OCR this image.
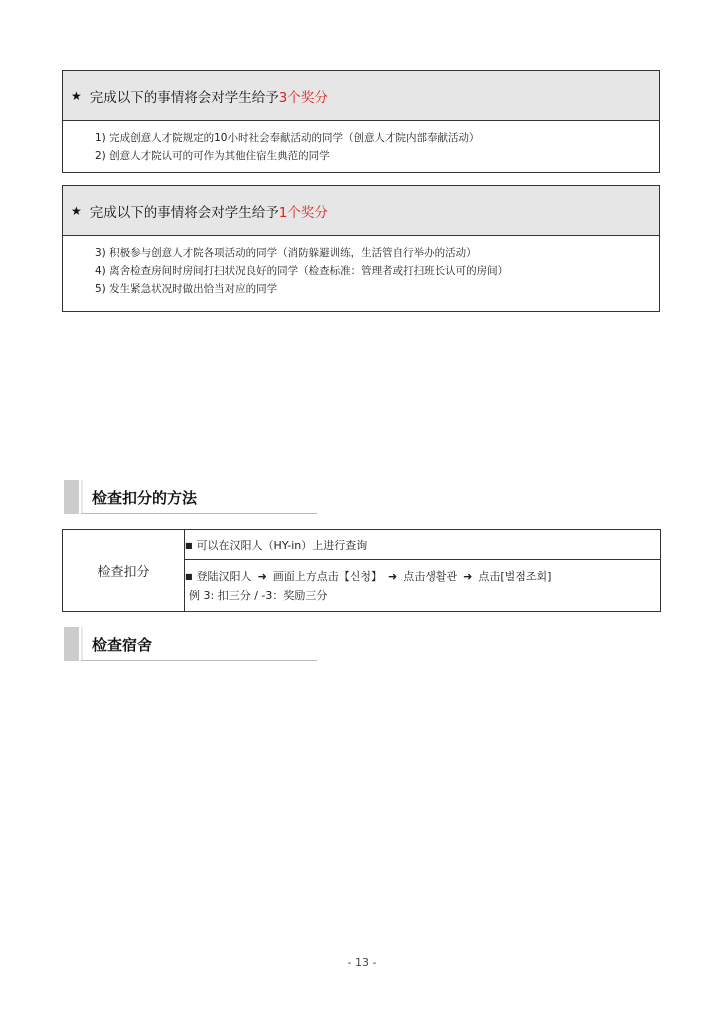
★ 完成以下的事情将会对学生给予 3个奖分
1) 完成创意人才院规定的10小时社会奉献活动的同学（创意人才院内部奉献活动）
2) 创意人才院认可的可作为其他住宿生典范的同学
★ 完成以下的事情将会对学生给予 1个奖分
3) 积极参与创意人才院各项活动的同学（消防躲避训练，生活管自行举办的活动）
4) 离舍检查房间时房间打扫状况良好的同学（检查标准：管理者或打扫班长认可的房间）
5) 发生紧急状况时做出恰当对应的同学
检查扣分的方法
检查扣分	■ 可以在汉阳人（HY-in）上进行查询

■ 登陆汉阳人 ➜ 画面上方点击【신청】 ➜ 点击생활관 ➜ 点击[벌점조회]
例 3: 扣三分 / -3：奖励三分
检查宿舍
- 13 -
